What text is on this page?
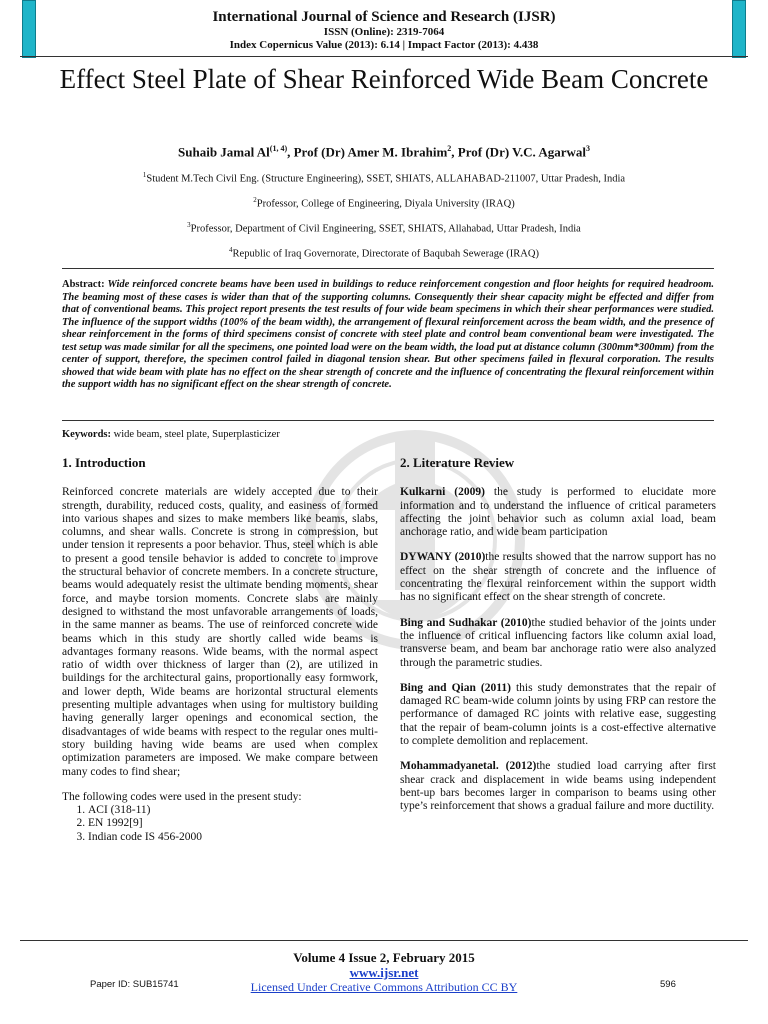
International Journal of Science and Research (IJSR)
ISSN (Online): 2319-7064
Index Copernicus Value (2013): 6.14 | Impact Factor (2013): 4.438
Effect Steel Plate of Shear Reinforced Wide Beam Concrete
Suhaib Jamal Al$^{(1, 4)}$, Prof (Dr) Amer M. Ibrahim$^2$, Prof (Dr) V.C. Agarwal$^3$
$^1$Student M.Tech Civil Eng. (Structure Engineering), SSET, SHIATS, ALLAHABAD-211007, Uttar Pradesh, India
$^2$Professor, College of Engineering, Diyala University (IRAQ)
$^3$Professor, Department of Civil Engineering, SSET, SHIATS, Allahabad, Uttar Pradesh, India
$^4$Republic of Iraq Governorate, Directorate of Baqubah Sewerage (IRAQ)
Abstract: Wide reinforced concrete beams have been used in buildings to reduce reinforcement congestion and floor heights for required headroom. The beaming most of these cases is wider than that of the supporting columns. Consequently their shear capacity might be effected and differ from that of conventional beams. This project report presents the test results of four wide beam specimens in which their shear performances were studied. The influence of the support widths (100% of the beam width), the arrangement of flexural reinforcement across the beam width, and the presence of shear reinforcement in the forms of third specimens consist of concrete with steel plate and control beam conventional beam were investigated. The test setup was made similar for all the specimens, one pointed load were on the beam width, the load put at distance column (300mm*300mm) from the center of support, therefore, the specimen control failed in diagonal tension shear. But other specimens failed in flexural corporation. The results showed that wide beam with plate has no effect on the shear strength of concrete and the influence of concentrating the flexural reinforcement within the support width has no significant effect on the shear strength of concrete.
Keywords: wide beam, steel plate, Superplasticizer
1. Introduction

Reinforced concrete materials are widely accepted due to their strength, durability, reduced costs, quality, and easiness of formed into various shapes and sizes to make members like beams, slabs, columns, and shear walls. Concrete is strong in compression, but under tension it represents a poor behavior. Thus, steel which is able to present a good tensile behavior is added to concrete to improve the structural behavior of concrete members. In a concrete structure, beams would adequately resist the ultimate bending moments, shear force, and maybe torsion moments. Concrete slabs are mainly designed to withstand the most unfavorable arrangements of loads, in the same manner as beams. The use of reinforced concrete wide beams which in this study are shortly called wide beams is advantages formany reasons. Wide beams, with the normal aspect ratio of width over thickness of larger than (2), are utilized in buildings for the architectural gains, proportionally easy formwork, and lower depth, Wide beams are horizontal structural elements presenting multiple advantages when using for multistory building having generally larger openings and economical section, the disadvantages of wide beams with respect to the regular ones multi-story building having wide beams are used when complex optimization parameters are imposed. We make compare between many codes to find shear;

The following codes were used in the present study:

1. ACI (318-11)
2. EN 1992[9]
3. Indian code IS 456-2000
2. Literature Review

Kulkarni (2009) the study is performed to elucidate more information and to understand the influence of critical parameters affecting the joint behavior such as column axial load, beam anchorage ratio, and wide beam participation

DYWANY (2010)the results showed that the narrow support has no effect on the shear strength of concrete and the influence of concentrating the flexural reinforcement within the support width has no significant effect on the shear strength of concrete.

Bing and Sudhakar (2010)the studied behavior of the joints under the influence of critical influencing factors like column axial load, transverse beam, and beam bar anchorage ratio were also analyzed through the parametric studies.

Bing and Qian (2011) this study demonstrates that the repair of damaged RC beam-wide column joints by using FRP can restore the performance of damaged RC joints with relative ease, suggesting that the repair of beam-column joints is a cost-effective alternative to complete demolition and replacement.

Mohammadyanetal. (2012)the studied load carrying after first shear crack and displacement in wide beams using independent bent-up bars becomes larger in comparison to beams using other type’s reinforcement that shows a gradual failure and more ductility.

Volume 4 Issue 2, February 2015
www.ijsr.net
Licensed Under Creative Commons Attribution CC BY
Paper ID: SUB15741	596
